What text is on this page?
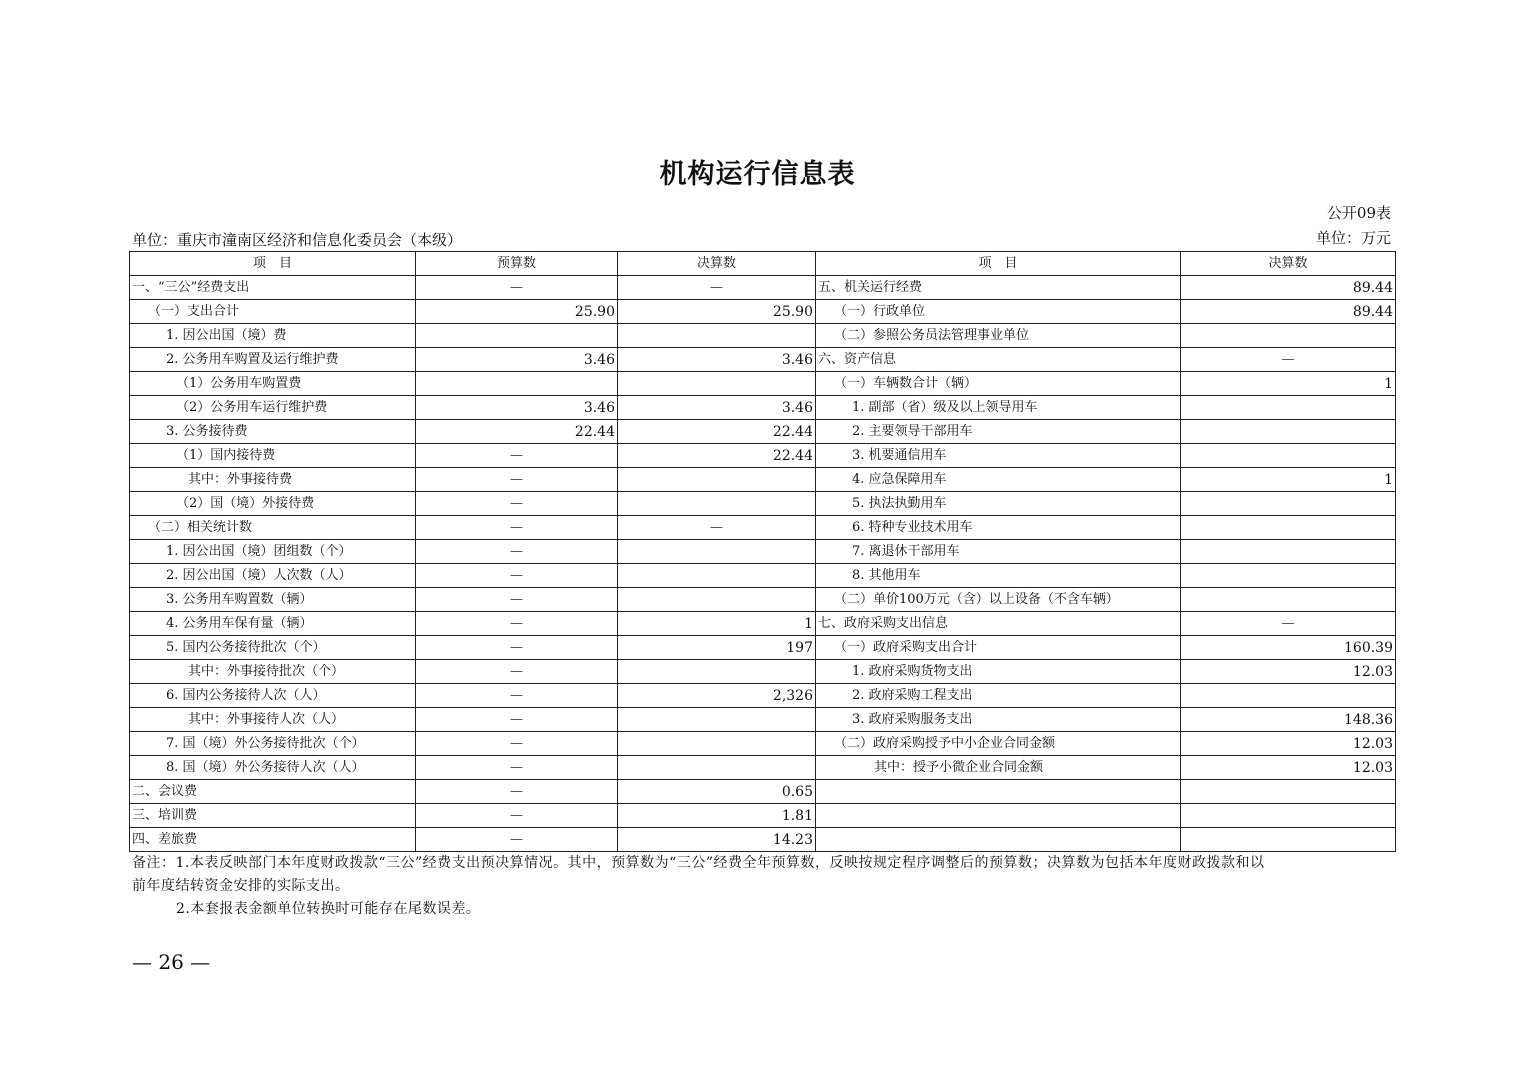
机构运行信息表
公开09表
单位：重庆市潼南区经济和信息化委员会（本级）	单位：万元
项　目	预算数	决算数	项　目	决算数
一、“三公”经费支出	—	—	五、机关运行经费	89.44
（一）支出合计	25.90	25.90	（一）行政单位	89.44
1. 因公出国（境）费			（二）参照公务员法管理事业单位	
2. 公务用车购置及运行维护费	3.46	3.46	六、资产信息	—
（1）公务用车购置费			（一）车辆数合计（辆）	1
（2）公务用车运行维护费	3.46	3.46	1. 副部（省）级及以上领导用车	
3. 公务接待费	22.44	22.44	2. 主要领导干部用车	
（1）国内接待费	—	22.44	3. 机要通信用车	
其中：外事接待费	—		4. 应急保障用车	1
（2）国（境）外接待费	—		5. 执法执勤用车	
（二）相关统计数	—	—	6. 特种专业技术用车	
1. 因公出国（境）团组数（个）	—		7. 离退休干部用车	
2. 因公出国（境）人次数（人）	—		8. 其他用车	
3. 公务用车购置数（辆）	—		（二）单价100万元（含）以上设备（不含车辆）	
4. 公务用车保有量（辆）	—	1	七、政府采购支出信息	—
5. 国内公务接待批次（个）	—	197	（一）政府采购支出合计	160.39
其中：外事接待批次（个）	—		1. 政府采购货物支出	12.03
6. 国内公务接待人次（人）	—	2,326	2. 政府采购工程支出	
其中：外事接待人次（人）	—		3. 政府采购服务支出	148.36
7. 国（境）外公务接待批次（个）	—		（二）政府采购授予中小企业合同金额	12.03
8. 国（境）外公务接待人次（人）	—		其中：授予小微企业合同金额	12.03
二、会议费	—	0.65		
三、培训费	—	1.81		
四、差旅费	—	14.23		
备注：1.本表反映部门本年度财政拨款“三公”经费支出预决算情况。其中，预算数为“三公”经费全年预算数，反映按规定程序调整后的预算数；决算数为包括本年度财政拨款和以
前年度结转资金安排的实际支出。
2.本套报表金额单位转换时可能存在尾数误差。
— 26 —
